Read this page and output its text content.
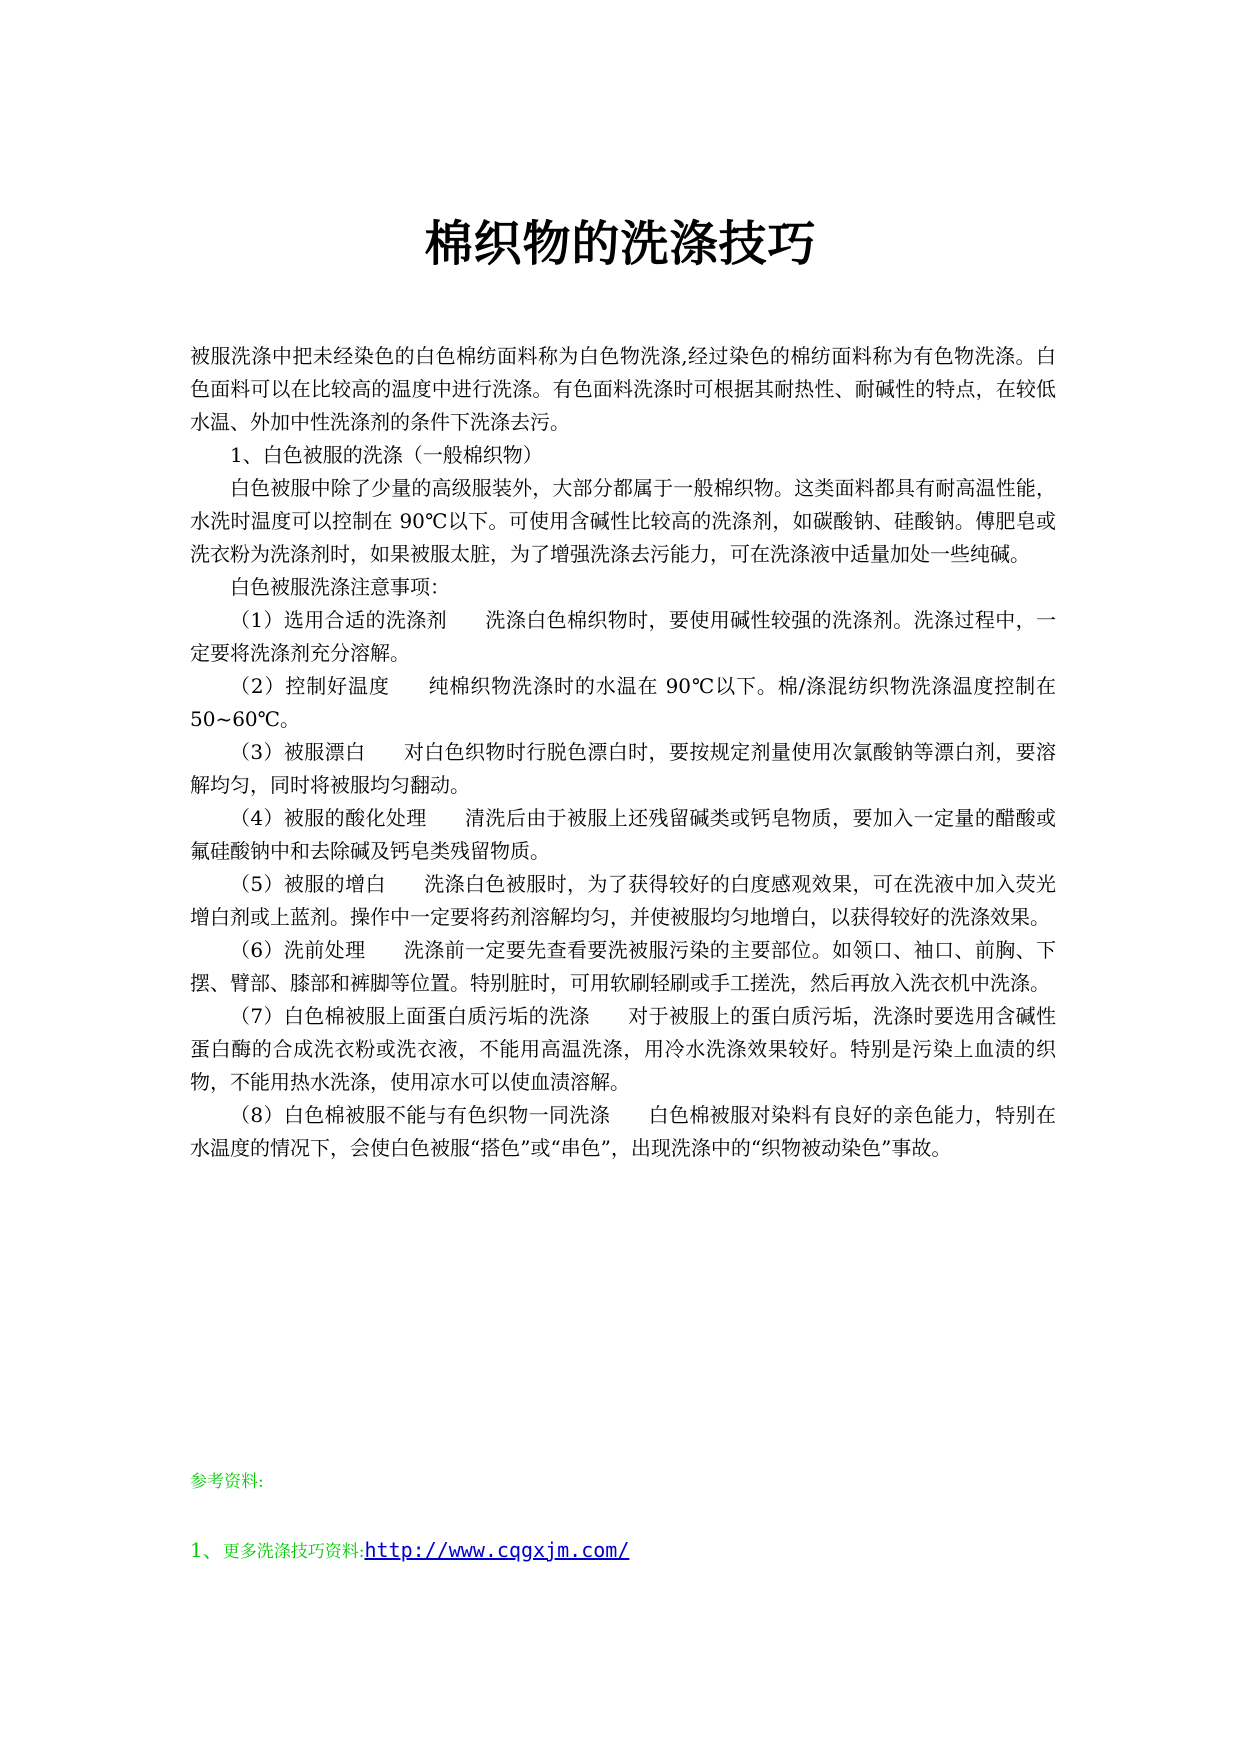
棉织物的洗涤技巧

被服洗涤中把未经染色的白色棉纺面料称为白色物洗涤,经过染色的棉纺面料称为有色物洗涤。白色面料可以在比较高的温度中进行洗涤。有色面料洗涤时可根据其耐热性、耐碱性的特点，在较低水温、外加中性洗涤剂的条件下洗涤去污。

1、白色被服的洗涤（一般棉织物）

白色被服中除了少量的高级服装外，大部分都属于一般棉织物。这类面料都具有耐高温性能，水洗时温度可以控制在 90℃以下。可使用含碱性比较高的洗涤剂，如碳酸钠、硅酸钠。傅肥皂或洗衣粉为洗涤剂时，如果被服太脏，为了增强洗涤去污能力，可在洗涤液中适量加处一些纯碱。

白色被服洗涤注意事项：

（1）选用合适的洗涤剂 洗涤白色棉织物时，要使用碱性较强的洗涤剂。洗涤过程中，一定要将洗涤剂充分溶解。

（2）控制好温度 纯棉织物洗涤时的水温在 90℃以下。棉/涤混纺织物洗涤温度控制在 50~60℃。

（3）被服漂白 对白色织物时行脱色漂白时，要按规定剂量使用次氯酸钠等漂白剂，要溶解均匀，同时将被服均匀翻动。

（4）被服的酸化处理 清洗后由于被服上还残留碱类或钙皂物质，要加入一定量的醋酸或氟硅酸钠中和去除碱及钙皂类残留物质。

（5）被服的增白 洗涤白色被服时，为了获得较好的白度感观效果，可在洗液中加入荧光增白剂或上蓝剂。操作中一定要将药剂溶解均匀，并使被服均匀地增白，以获得较好的洗涤效果。

（6）洗前处理 洗涤前一定要先查看要洗被服污染的主要部位。如领口、袖口、前胸、下摆、臂部、膝部和裤脚等位置。特别脏时，可用软刷轻刷或手工搓洗，然后再放入洗衣机中洗涤。

（7）白色棉被服上面蛋白质污垢的洗涤 对于被服上的蛋白质污垢，洗涤时要选用含碱性蛋白酶的合成洗衣粉或洗衣液，不能用高温洗涤，用冷水洗涤效果较好。特别是污染上血渍的织物，不能用热水洗涤，使用凉水可以使血渍溶解。

（8）白色棉被服不能与有色织物一同洗涤 白色棉被服对染料有良好的亲色能力，特别在水温度的情况下，会使白色被服“搭色”或“串色”，出现洗涤中的“织物被动染色”事故。

参考资料:
1、更多洗涤技巧资料:http://www.cqgxjm.com/
